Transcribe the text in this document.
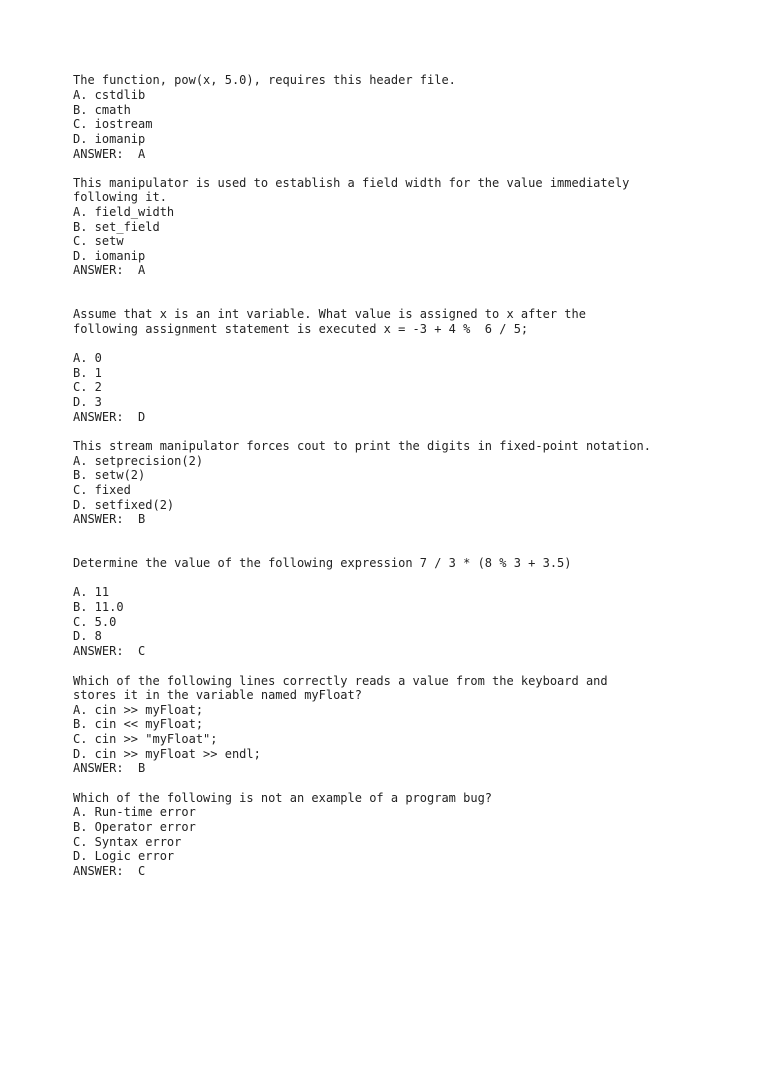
The function, pow(x, 5.0), requires this header file.
A. cstdlib
B. cmath
C. iostream
D. iomanip
ANSWER:  A
This manipulator is used to establish a field width for the value immediately
following it.
A. field_width
B. set_field
C. setw
D. iomanip
ANSWER:  A
Assume that x is an int variable. What value is assigned to x after the
following assignment statement is executed x = -3 + 4 %  6 / 5;
A. 0
B. 1
C. 2
D. 3
ANSWER:  D
This stream manipulator forces cout to print the digits in fixed-point notation.
A. setprecision(2)
B. setw(2)
C. fixed
D. setfixed(2)
ANSWER:  B
Determine the value of the following expression 7 / 3 * (8 % 3 + 3.5)
A. 11
B. 11.0
C. 5.0
D. 8
ANSWER:  C
Which of the following lines correctly reads a value from the keyboard and
stores it in the variable named myFloat?
A. cin >> myFloat;
B. cin << myFloat;
C. cin >> "myFloat";
D. cin >> myFloat >> endl;
ANSWER:  B
Which of the following is not an example of a program bug?
A. Run-time error
B. Operator error
C. Syntax error
D. Logic error
ANSWER:  C
